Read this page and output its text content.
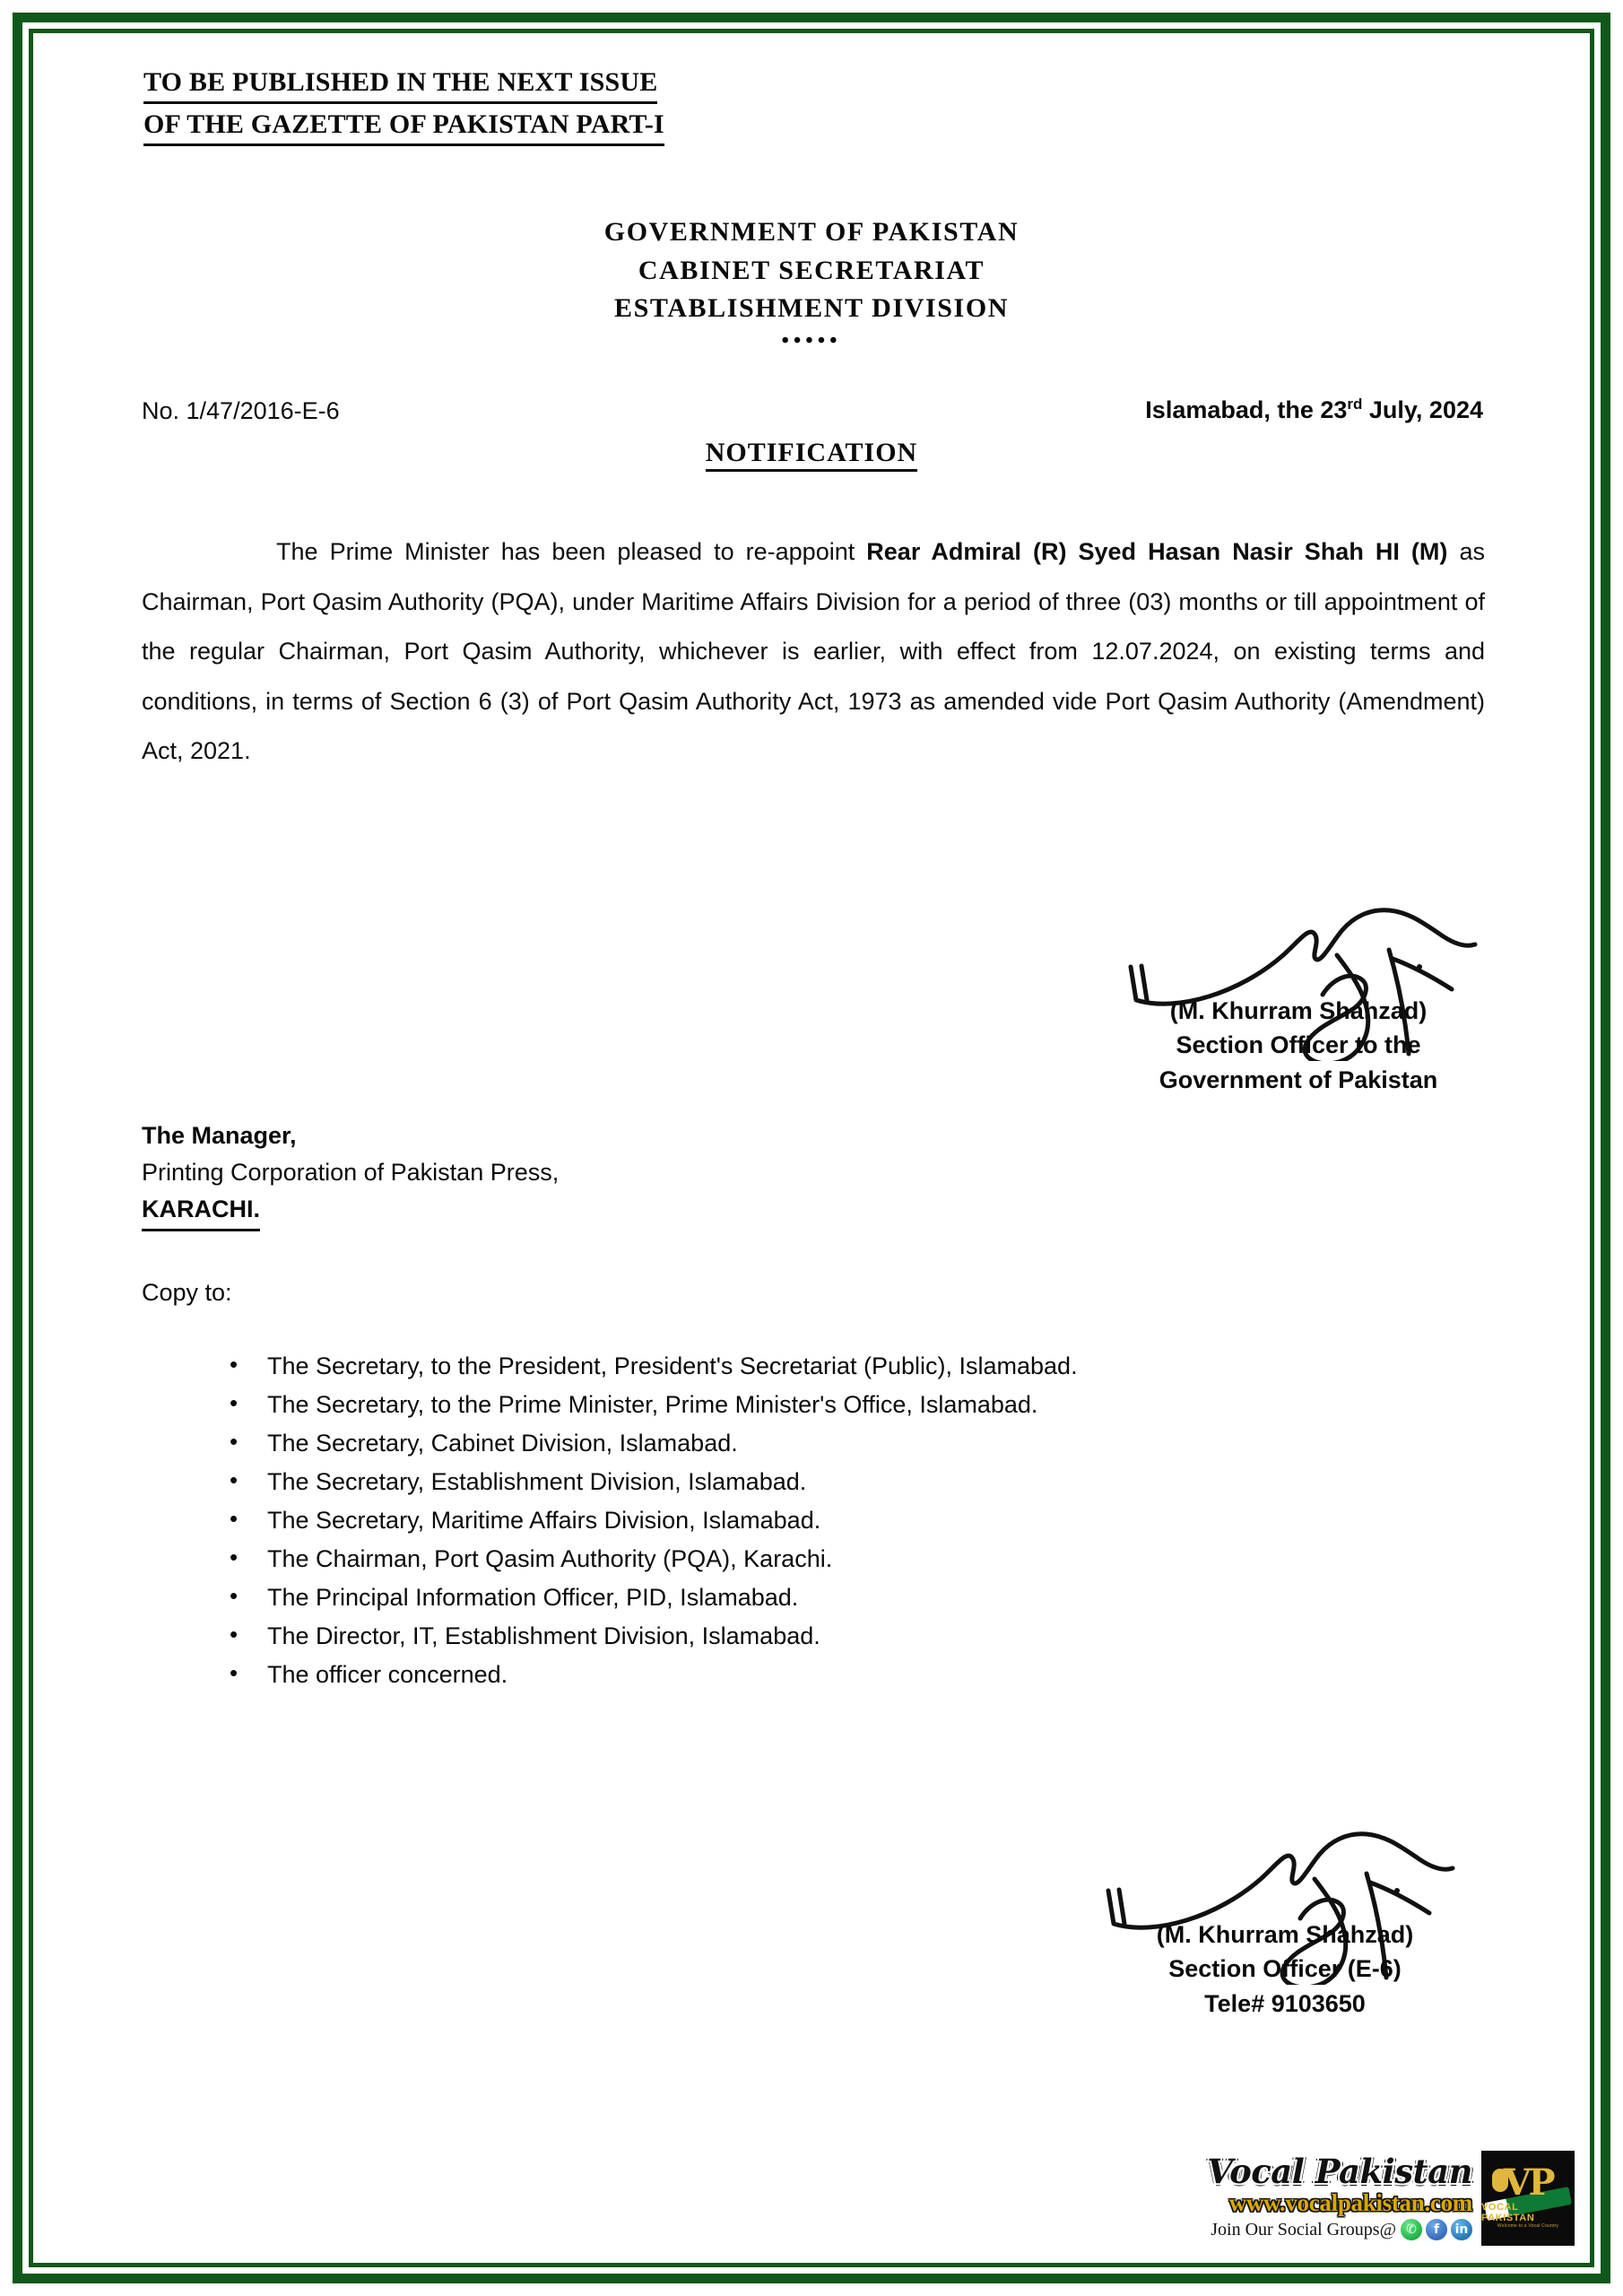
TO BE PUBLISHED IN THE NEXT ISSUE
OF THE GAZETTE OF PAKISTAN PART-I
GOVERNMENT OF PAKISTAN
CABINET SECRETARIAT
ESTABLISHMENT DIVISION
•••••
No. 1/47/2016-E-6	Islamabad, the 23rd July, 2024
NOTIFICATION
The Prime Minister has been pleased to re-appoint Rear Admiral (R) Syed Hasan Nasir Shah HI (M) as Chairman, Port Qasim Authority (PQA), under Maritime Affairs Division for a period of three (03) months or till appointment of the regular Chairman, Port Qasim Authority, whichever is earlier, with effect from 12.07.2024, on existing terms and conditions, in terms of Section 6 (3) of Port Qasim Authority Act, 1973 as amended vide Port Qasim Authority (Amendment) Act, 2021.
(M. Khurram Shahzad)
Section Officer to the
Government of Pakistan
The Manager,
Printing Corporation of Pakistan Press,
KARACHI.
Copy to:
• The Secretary, to the President, President's Secretariat (Public), Islamabad.
• The Secretary, to the Prime Minister, Prime Minister's Office, Islamabad.
• The Secretary, Cabinet Division, Islamabad.
• The Secretary, Establishment Division, Islamabad.
• The Secretary, Maritime Affairs Division, Islamabad.
• The Chairman, Port Qasim Authority (PQA), Karachi.
• The Principal Information Officer, PID, Islamabad.
• The Director, IT, Establishment Division, Islamabad.
• The officer concerned.
(M. Khurram Shahzad)
Section Officer (E-6)
Tele# 9103650
Vocal Pakistan
www.vocalpakistan.com
Join Our Social Groups@ ✆	f	in
VP
VOCAL PAKISTAN
Welcome to a Vocal Country
